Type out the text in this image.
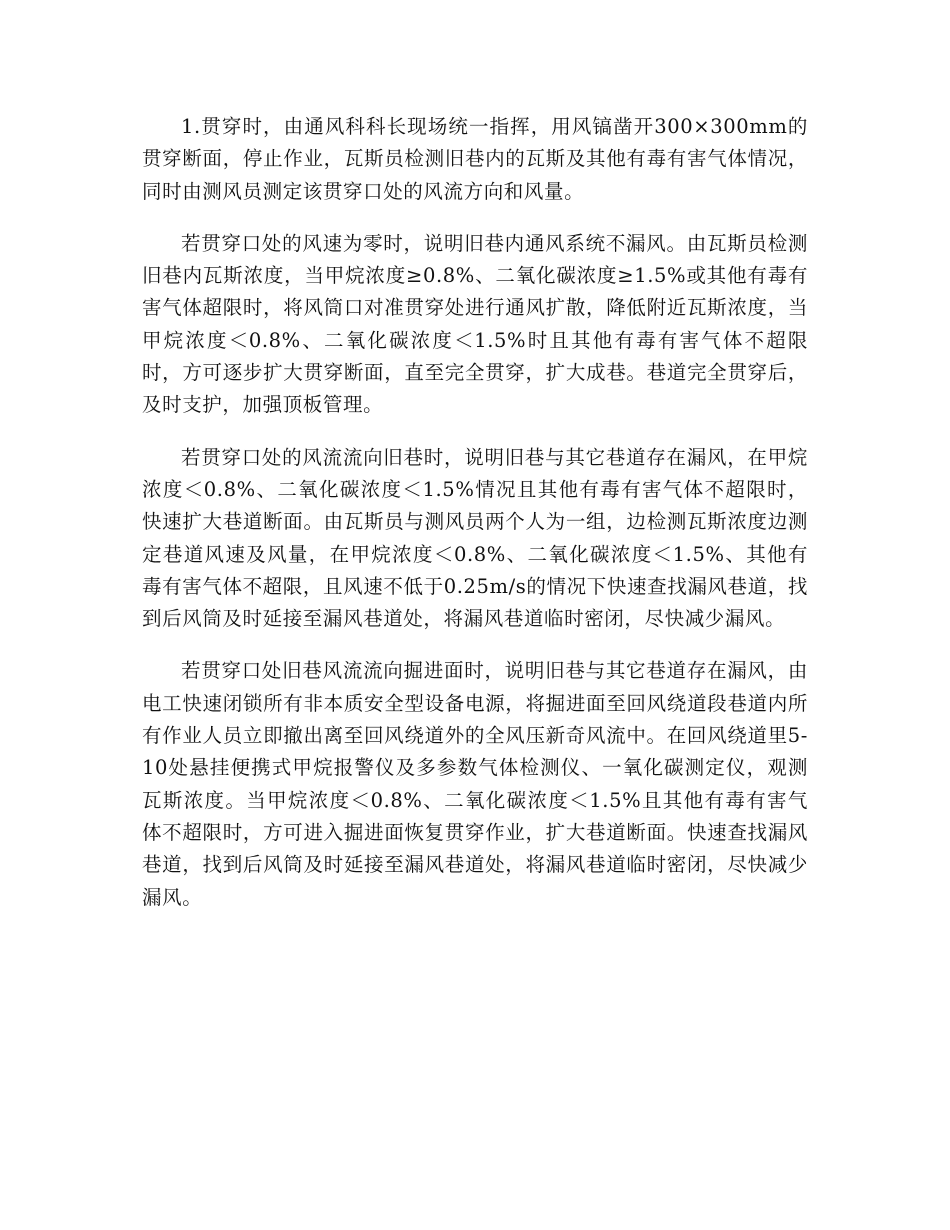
1.贯穿时，由通风科科长现场统一指挥，用风镐凿开300×300mm的贯穿断面，停止作业，瓦斯员检测旧巷内的瓦斯及其他有毒有害气体情况，同时由测风员测定该贯穿口处的风流方向和风量。

若贯穿口处的风速为零时，说明旧巷内通风系统不漏风。由瓦斯员检测旧巷内瓦斯浓度，当甲烷浓度≥0.8%、二氧化碳浓度≥1.5%或其他有毒有害气体超限时，将风筒口对准贯穿处进行通风扩散，降低附近瓦斯浓度，当甲烷浓度＜0.8%、二氧化碳浓度＜1.5%时且其他有毒有害气体不超限时，方可逐步扩大贯穿断面，直至完全贯穿，扩大成巷。巷道完全贯穿后，及时支护，加强顶板管理。

若贯穿口处的风流流向旧巷时，说明旧巷与其它巷道存在漏风，在甲烷浓度＜0.8%、二氧化碳浓度＜1.5%情况且其他有毒有害气体不超限时，快速扩大巷道断面。由瓦斯员与测风员两个人为一组，边检测瓦斯浓度边测定巷道风速及风量，在甲烷浓度＜0.8%、二氧化碳浓度＜1.5%、其他有毒有害气体不超限，且风速不低于0.25m/s的情况下快速查找漏风巷道，找到后风筒及时延接至漏风巷道处，将漏风巷道临时密闭，尽快减少漏风。

若贯穿口处旧巷风流流向掘进面时，说明旧巷与其它巷道存在漏风，由电工快速闭锁所有非本质安全型设备电源，将掘进面至回风绕道段巷道内所有作业人员立即撤出离至回风绕道外的全风压新奇风流中。在回风绕道里5-10处悬挂便携式甲烷报警仪及多参数气体检测仪、一氧化碳测定仪，观测瓦斯浓度。当甲烷浓度＜0.8%、二氧化碳浓度＜1.5%且其他有毒有害气体不超限时，方可进入掘进面恢复贯穿作业，扩大巷道断面。快速查找漏风巷道，找到后风筒及时延接至漏风巷道处，将漏风巷道临时密闭，尽快减少漏风。
